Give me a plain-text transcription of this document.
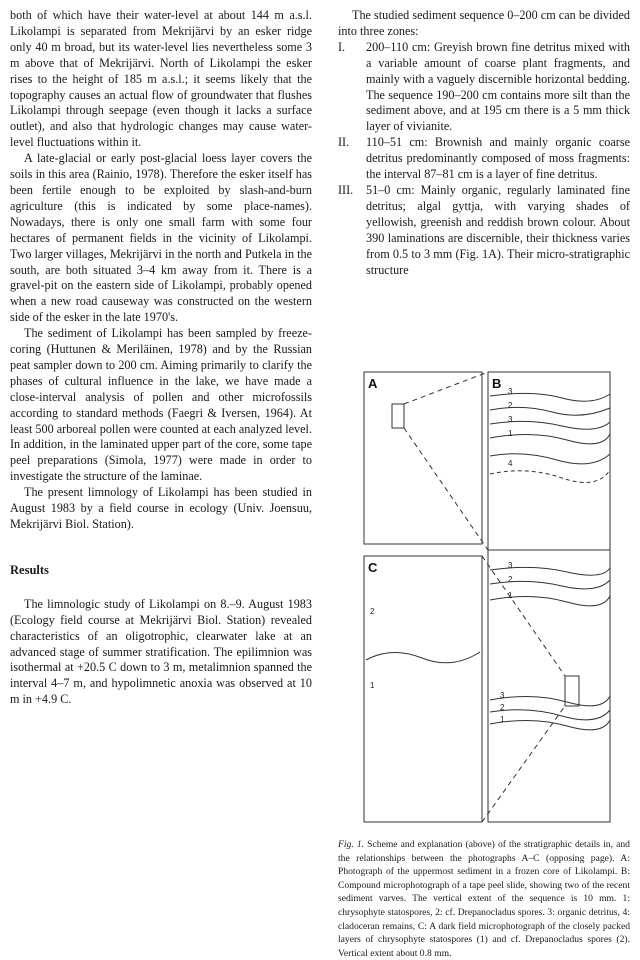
both of which have their water-level at about 144 m a.s.l. Likolampi is separated from Mekrijärvi by an esker ridge only 40 m broad, but its water-level lies nevertheless some 3 m above that of Mekrijärvi. North of Likolampi the esker rises to the height of 185 m a.s.l.; it seems likely that the topography causes an actual flow of groundwater that flushes Likolampi through seepage (even though it lacks a surface outlet), and also that hydrologic changes may cause water-level fluctuations within it.

A late-glacial or early post-glacial loess layer covers the soils in this area (Rainio, 1978). Therefore the esker itself has been fertile enough to be exploited by slash-and-burn agriculture (this is indicated by some place-names). Nowadays, there is only one small farm with some four hectares of permanent fields in the vicinity of Likolampi. Two larger villages, Mekrijärvi in the north and Putkela in the south, are both situated 3–4 km away from it. There is a gravel-pit on the eastern side of Likolampi, probably opened when a new road causeway was constructed on the western side of the esker in the late 1970's.

The sediment of Likolampi has been sampled by freeze-coring (Huttunen & Meriläinen, 1978) and by the Russian peat sampler down to 200 cm. Aiming primarily to clarify the phases of cultural influence in the lake, we have made a close-interval analysis of pollen and other microfossils according to standard methods (Faegri & Iversen, 1964). At least 500 arboreal pollen were counted at each analyzed level. In addition, in the laminated upper part of the core, some tape peel preparations (Simola, 1977) were made in order to investigate the structure of the laminae.

The present limnology of Likolampi has been studied in August 1983 by a field course in ecology (Univ. Joensuu, Mekrijärvi Biol. Station).

Results

The limnologic study of Likolampi on 8.–9. August 1983 (Ecology field course at Mekrijärvi Biol. Station) revealed characteristics of an oligotrophic, clearwater lake at an advanced stage of summer stratification. The epilimnion was isothermal at +20.5 C down to 3 m, metalimnion spanned the interval 4–7 m, and hypolimnetic anoxia was observed at 10 m in +4.9 C.

The studied sediment sequence 0–200 cm can be divided into three zones:

I.	200–110 cm: Greyish brown fine detritus mixed with a variable amount of coarse plant fragments, and mainly with a vaguely discernible horizontal bedding. The sequence 190–200 cm contains more silt than the sediment above, and at 195 cm there is a 5 mm thick layer of vivianite.
II.	110–51 cm: Brownish and mainly organic coarse detritus predominantly composed of moss fragments: the interval 87–81 cm is a layer of fine detritus.
III.	51–0 cm: Mainly organic, regularly laminated fine detritus; algal gyttja, with varying shades of yellowish, greenish and reddish brown colour. About 390 laminations are discernible, their thickness varies from 0.5 to 3 mm (Fig. 1A). Their micro-stratigraphic structure
A	B
C
3
2
3
1
4
3
2
1
3
2
1
2
1
Fig. 1. Scheme and explanation (above) of the stratigraphic details in, and the relationships between the photographs A–C (opposing page). A: Photograph of the uppermost sediment in a frozen core of Likolampi. B: Compound microphotograph of a tape peel slide, showing two of the recent sediment varves. The vertical extent of the sequence is 10 mm. 1: chrysophyte statospores, 2: cf. Drepanocladus spores. 3: organic detritus, 4: cladoceran remains, C: A dark field microphotograph of the closely packed layers of chrysophyte statospores (1) and cf. Drepanocladus spores (2). Vertical extent about 0.8 mm.
